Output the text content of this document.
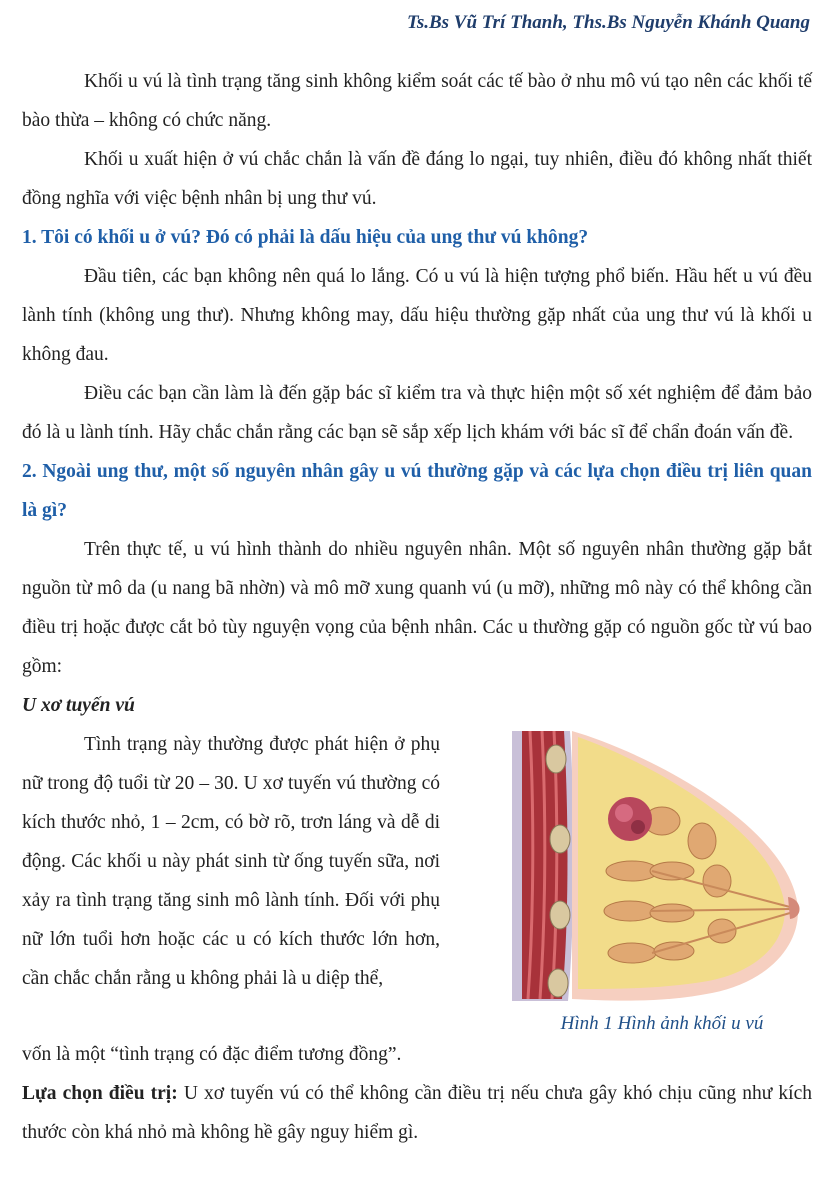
Ts.Bs Vũ Trí Thanh, Ths.Bs Nguyễn Khánh Quang

Khối u vú là tình trạng tăng sinh không kiểm soát các tế bào ở nhu mô vú tạo nên các khối tế bào thừa – không có chức năng.

Khối u xuất hiện ở vú chắc chắn là vấn đề đáng lo ngại, tuy nhiên, điều đó không nhất thiết đồng nghĩa với việc bệnh nhân bị ung thư vú.

1. Tôi có khối u ở vú? Đó có phải là dấu hiệu của ung thư vú không?

Đầu tiên, các bạn không nên quá lo lắng. Có u vú là hiện tượng phổ biến. Hầu hết u vú đều lành tính (không ung thư). Nhưng không may, dấu hiệu thường gặp nhất của ung thư vú là khối u không đau.

Điều các bạn cần làm là đến gặp bác sĩ kiểm tra và thực hiện một số xét nghiệm để đảm bảo đó là u lành tính. Hãy chắc chắn rằng các bạn sẽ sắp xếp lịch khám với bác sĩ để chẩn đoán vấn đề.

2. Ngoài ung thư, một số nguyên nhân gây u vú thường gặp và các lựa chọn điều trị liên quan là gì?

Trên thực tế, u vú hình thành do nhiều nguyên nhân. Một số nguyên nhân thường gặp bắt nguồn từ mô da (u nang bã nhờn) và mô mỡ xung quanh vú (u mỡ), những mô này có thể không cần điều trị hoặc được cắt bỏ tùy nguyện vọng của bệnh nhân. Các u thường gặp có nguồn gốc từ vú bao gồm:

U xơ tuyến vú

Tình trạng này thường được phát hiện ở phụ nữ trong độ tuổi từ 20 – 30. U xơ tuyến vú thường có kích thước nhỏ, 1 – 2cm, có bờ rõ, trơn láng và dễ di động. Các khối u này phát sinh từ ống tuyến sữa, nơi xảy ra tình trạng tăng sinh mô lành tính. Đối với phụ nữ lớn tuổi hơn hoặc các u có kích thước lớn hơn, cần chắc chắn rằng u không phải là u diệp thể,

Hình 1 Hình ảnh khối u vú

vốn là một “tình trạng có đặc điểm tương đồng”.

Lựa chọn điều trị: U xơ tuyến vú có thể không cần điều trị nếu chưa gây khó chịu cũng như kích thước còn khá nhỏ mà không hề gây nguy hiểm gì.
